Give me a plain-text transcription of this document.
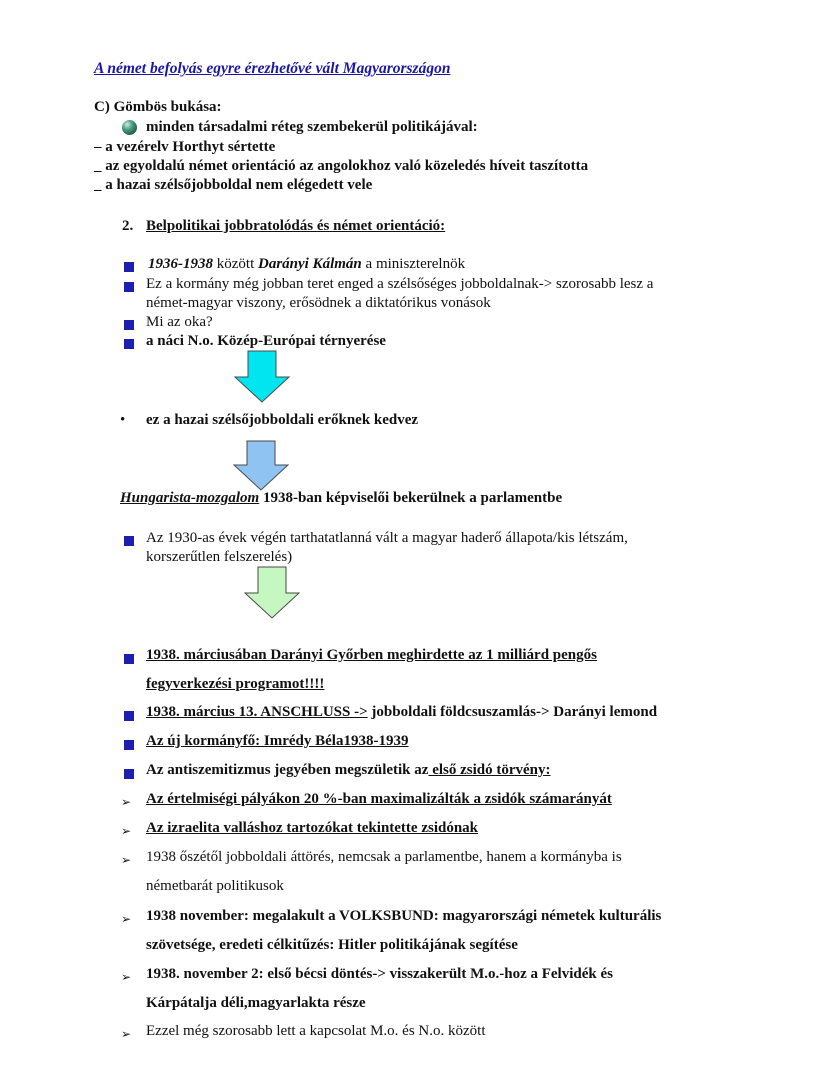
A német befolyás egyre érezhetővé vált Magyarországon
C) Gömbös bukása:
minden társadalmi réteg szembekerül politikájával:
– a vezérelv Horthyt sértette
_ az egyoldalú német orientáció az angolokhoz való közeledés híveit taszította
_ a hazai szélsőjobboldal nem elégedett vele
2. Belpolitikai jobbratolódás és német orientáció:
1936-1938 között Darányi Kálmán a miniszterelnök
Ez a kormány még jobban teret enged a szélsőséges jobboldalnak-> szorosabb lesz a
német-magyar viszony, erősödnek a diktatórikus vonások
Mi az oka?
a náci N.o. Közép-Európai térnyerése
• ez a hazai szélsőjobboldali erőknek kedvez
Hungarista-mozgalom 1938-ban képviselői bekerülnek a parlamentbe
Az 1930-as évek végén tarthatatlanná vált a magyar haderő állapota/kis létszám,
korszerűtlen felszerelés)
1938. márciusában Darányi Győrben meghirdette az 1 milliárd pengős
fegyverkezési programot!!!!
1938. március 13. ANSCHLUSS -> jobboldali földcsuszamlás-> Darányi lemond
Az új kormányfő: Imrédy Béla1938-1939
Az antiszemitizmus jegyében megszületik az első zsidó törvény:
➢ Az értelmiségi pályákon 20 %-ban maximalizálták a zsidók számarányát
➢ Az izraelita valláshoz tartozókat tekintette zsidónak
➢ 1938 őszétől jobboldali áttörés, nemcsak a parlamentbe, hanem a kormányba is
németbarát politikusok
➢ 1938 november: megalakult a VOLKSBUND: magyarországi németek kulturális
szövetsége, eredeti célkitűzés: Hitler politikájának segítése
➢ 1938. november 2: első bécsi döntés-> visszakerült M.o.-hoz a Felvidék és
Kárpátalja déli,magyarlakta része
➢ Ezzel még szorosabb lett a kapcsolat M.o. és N.o. között
